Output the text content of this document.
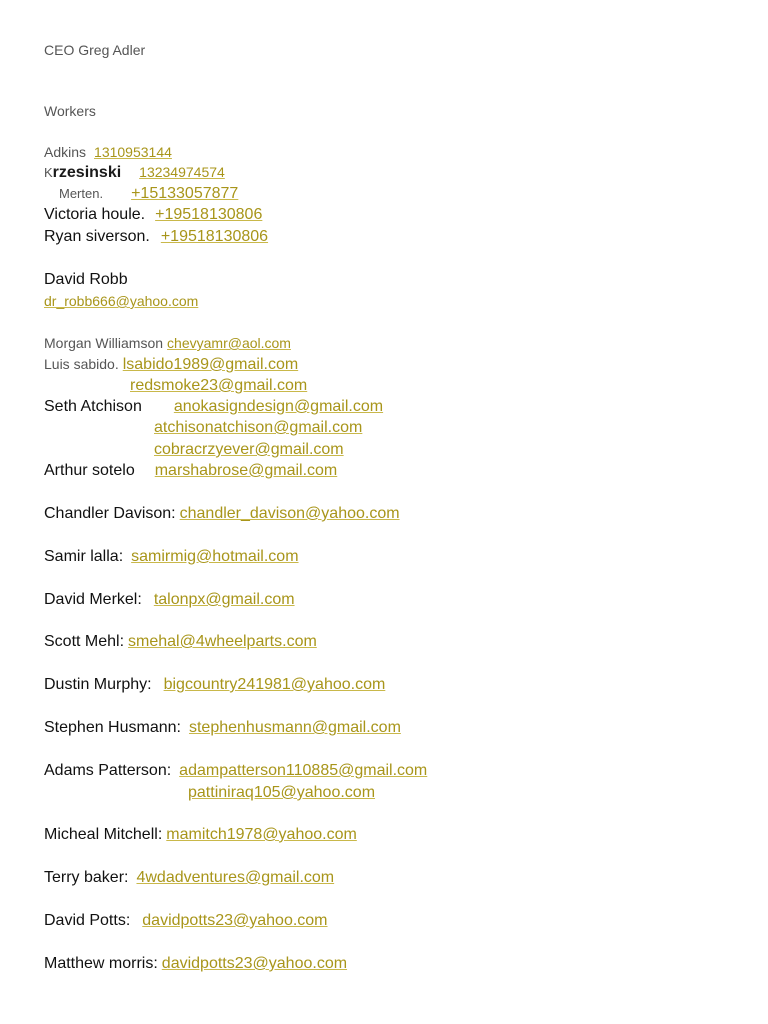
CEO Greg Adler
Workers
Adkins 1310953144
Krzesinski 13234974574
Merten. +15133057877
Victoria houle. +19518130806
Ryan siverson. +19518130806
David Robb
dr_robb666@yahoo.com
Morgan Williamson chevyamr@aol.com
Luis sabido. lsabido1989@gmail.com
redsmoke23@gmail.com
Seth Atchison anokasigndesign@gmail.com
atchisonatchison@gmail.com
cobracrzyever@gmail.com
Arthur sotelo marshabrose@gmail.com
Chandler Davison: chandler_davison@yahoo.com
Samir lalla: samirmig@hotmail.com
David Merkel: talonpx@gmail.com
Scott Mehl: smehal@4wheelparts.com
Dustin Murphy: bigcountry241981@yahoo.com
Stephen Husmann: stephenhusmann@gmail.com
Adams Patterson: adampatterson110885@gmail.com
pattiniraq105@yahoo.com
Micheal Mitchell: mamitch1978@yahoo.com
Terry baker: 4wdadventures@gmail.com
David Potts: davidpotts23@yahoo.com
Matthew morris: davidpotts23@yahoo.com
